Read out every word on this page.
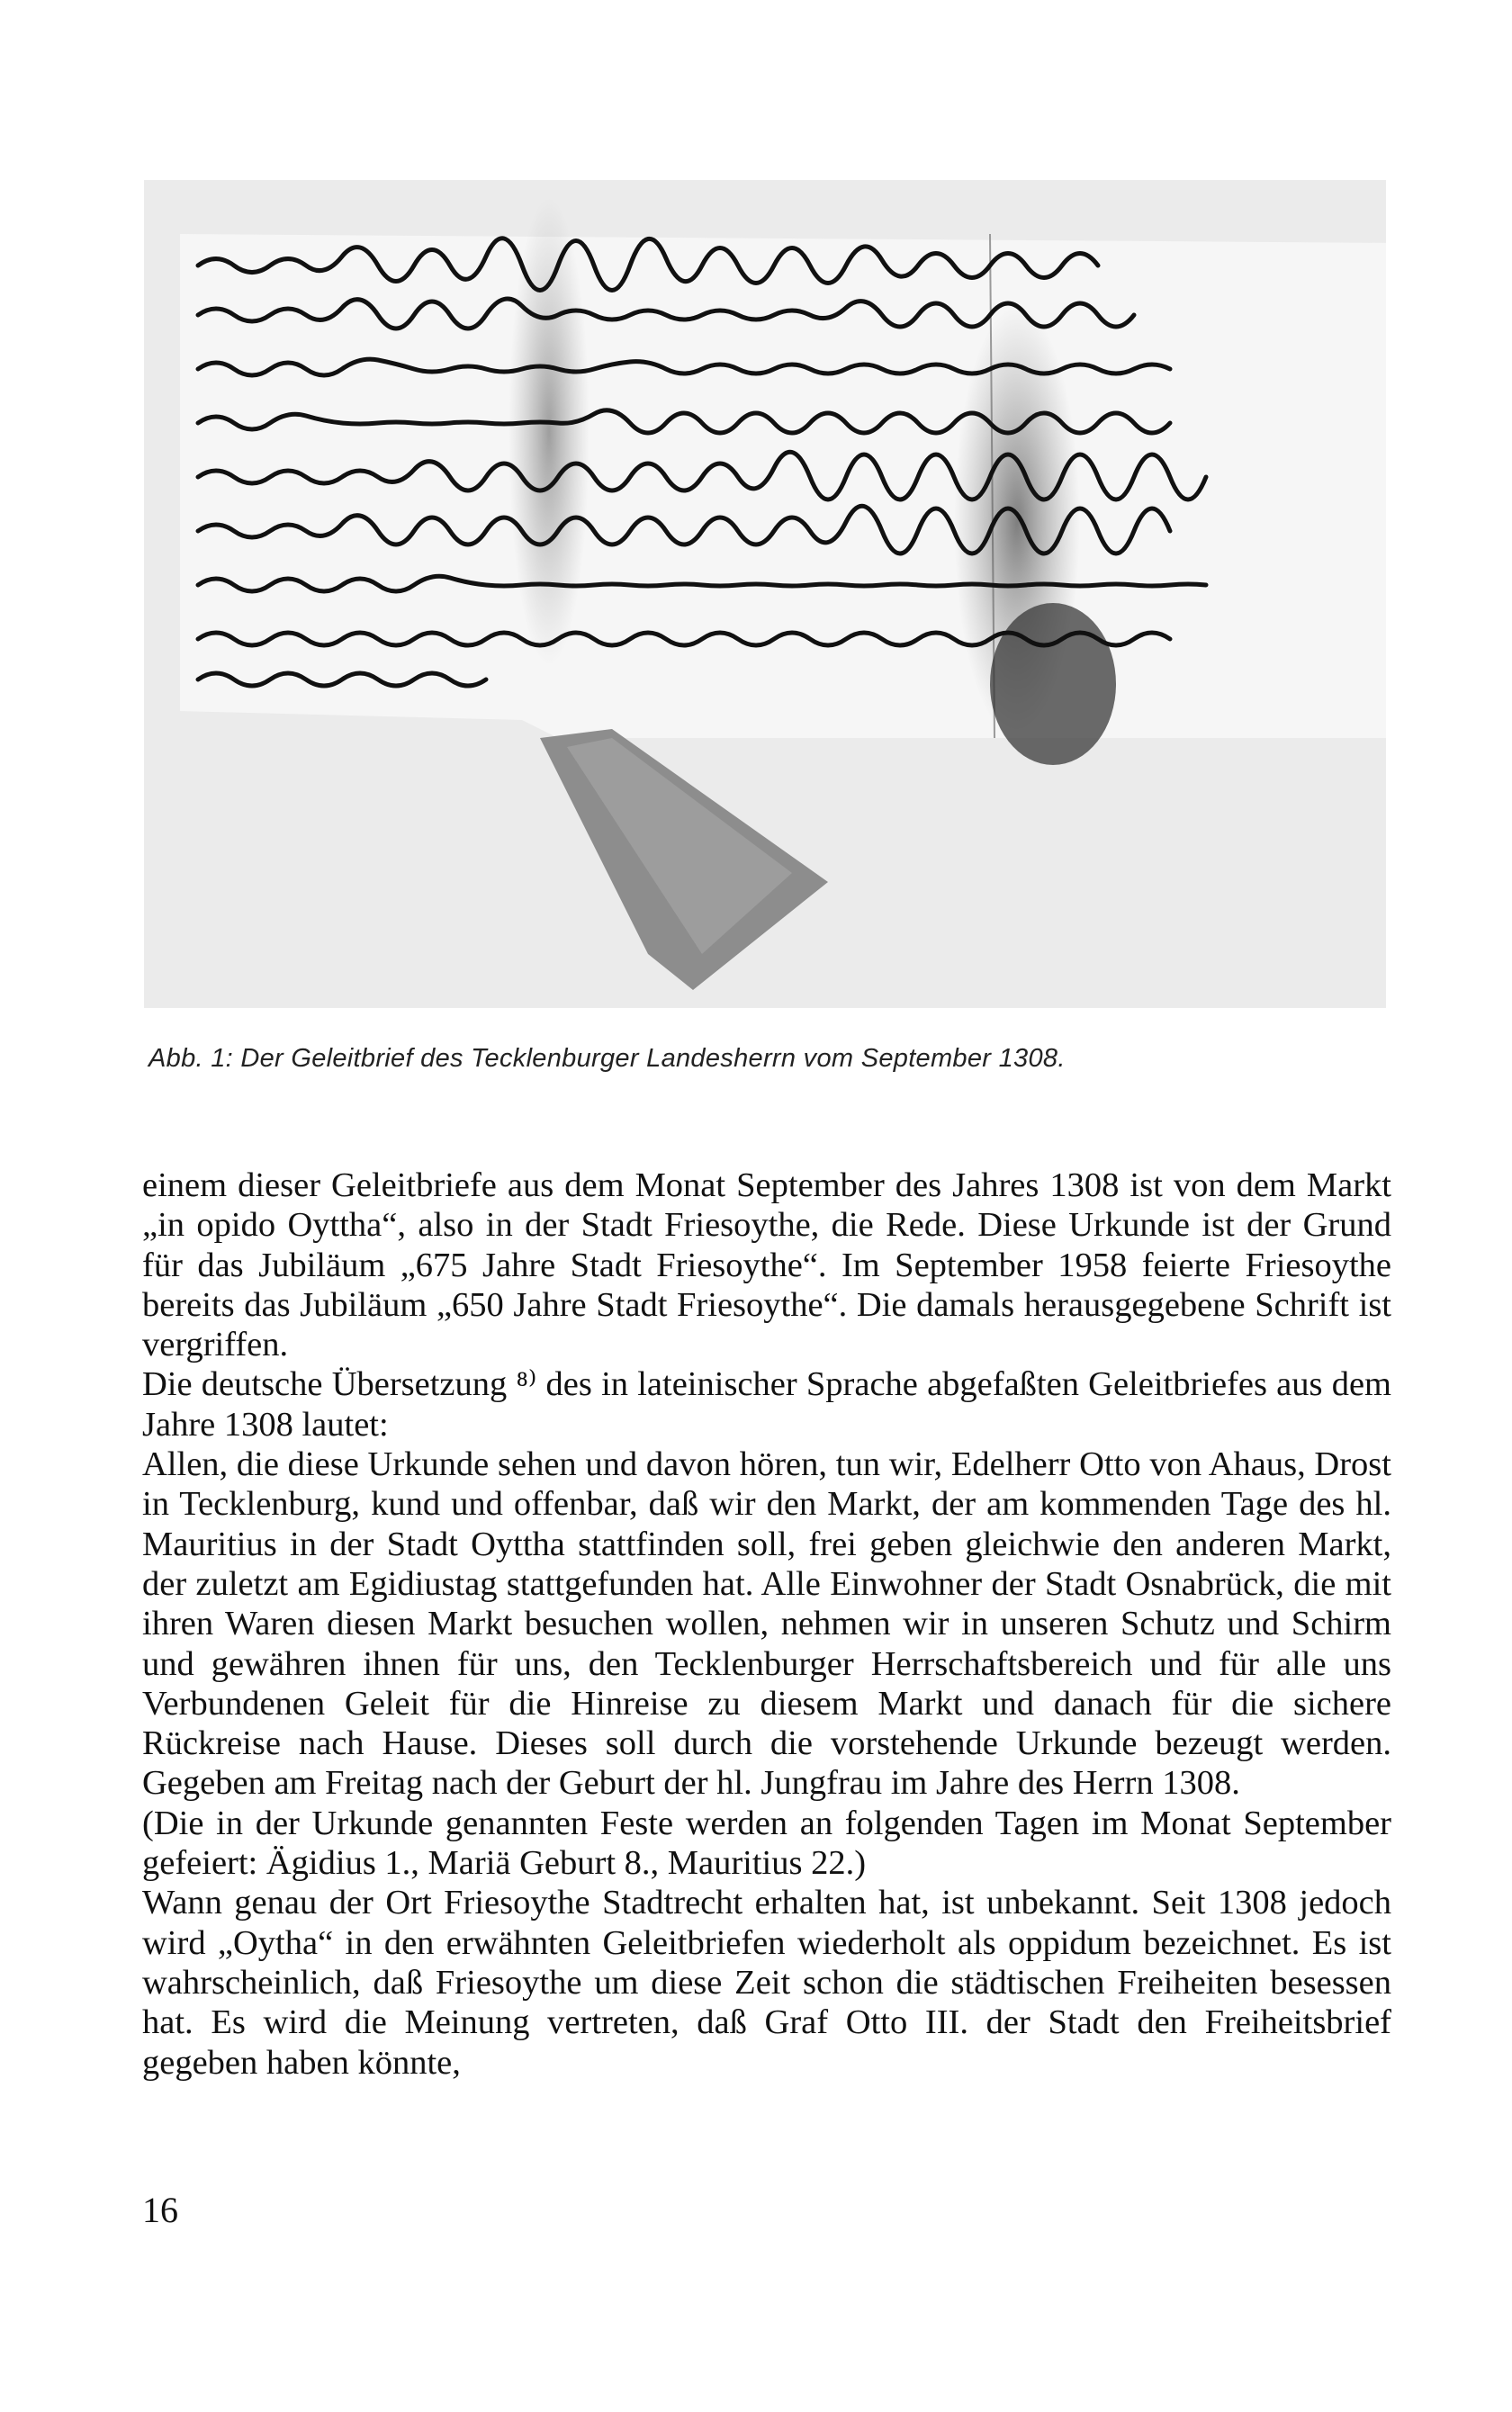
Abb. 1: Der Geleitbrief des Tecklenburger Landesherrn vom September 1308.

einem dieser Geleitbriefe aus dem Monat September des Jahres 1308 ist von dem Markt „in opido Oyttha“, also in der Stadt Friesoythe, die Rede. Diese Urkunde ist der Grund für das Jubiläum „675 Jahre Stadt Friesoythe“. Im September 1958 feierte Friesoythe bereits das Jubiläum „650 Jahre Stadt Friesoythe“. Die damals herausgegebene Schrift ist vergriffen.

Die deutsche Übersetzung ⁸⁾ des in lateinischer Sprache abgefaßten Geleitbriefes aus dem Jahre 1308 lautet:

Allen, die diese Urkunde sehen und davon hören, tun wir, Edelherr Otto von Ahaus, Drost in Tecklenburg, kund und offenbar, daß wir den Markt, der am kommenden Tage des hl. Mauritius in der Stadt Oyttha stattfinden soll, frei geben gleichwie den anderen Markt, der zuletzt am Egidiustag stattgefunden hat. Alle Einwohner der Stadt Osnabrück, die mit ihren Waren diesen Markt besuchen wollen, nehmen wir in unseren Schutz und Schirm und gewähren ihnen für uns, den Tecklenburger Herrschaftsbereich und für alle uns Verbundenen Geleit für die Hinreise zu diesem Markt und danach für die sichere Rückreise nach Hause. Dieses soll durch die vorstehende Urkunde bezeugt werden. Gegeben am Freitag nach der Geburt der hl. Jungfrau im Jahre des Herrn 1308.

(Die in der Urkunde genannten Feste werden an folgenden Tagen im Monat September gefeiert: Ägidius 1., Mariä Geburt 8., Mauritius 22.)

Wann genau der Ort Friesoythe Stadtrecht erhalten hat, ist unbekannt. Seit 1308 jedoch wird „Oytha“ in den erwähnten Geleitbriefen wiederholt als oppidum bezeichnet. Es ist wahrscheinlich, daß Friesoythe um diese Zeit schon die städtischen Freiheiten besessen hat. Es wird die Meinung vertreten, daß Graf Otto III. der Stadt den Freiheitsbrief gegeben haben könnte,

16
